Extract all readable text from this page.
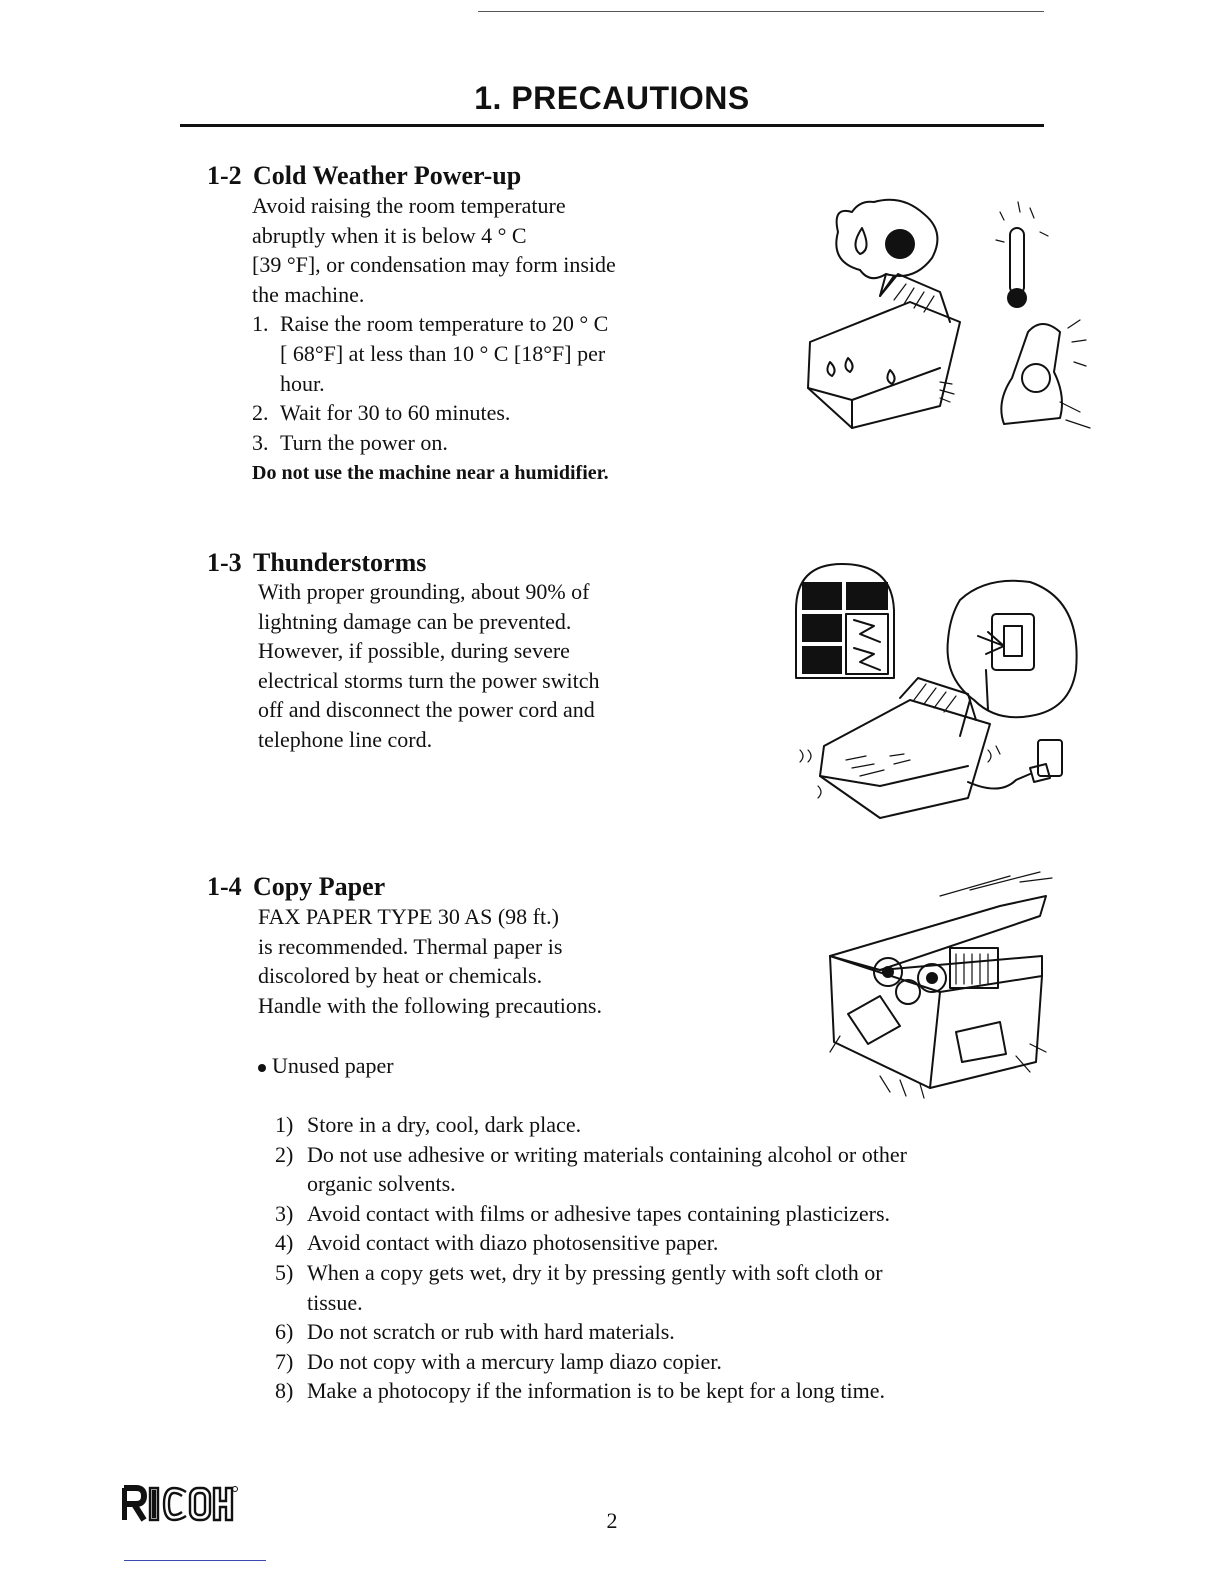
1. PRECAUTIONS
1-2 Cold Weather Power-up
Avoid raising the room temperature
abruptly when it is below 4 ° C
[39 °F], or condensation may form inside
the machine.
1. Raise the room temperature to 20 ° C
[ 68°F] at less than 10 ° C [18°F] per
hour.
2. Wait for 30 to 60 minutes.
3. Turn the power on.
Do not use the machine near a humidifier.
1-3 Thunderstorms
With proper grounding, about 90% of
lightning damage can be prevented.
However, if possible, during severe
electrical storms turn the power switch
off and disconnect the power cord and
telephone line cord.
1-4 Copy Paper
FAX PAPER TYPE 30 AS (98 ft.)
is recommended. Thermal paper is
discolored by heat or chemicals.
Handle with the following precautions.
Unused paper
1) Store in a dry, cool, dark place.
2) Do not use adhesive or writing materials containing alcohol or other
organic solvents.
3) Avoid contact with films or adhesive tapes containing plasticizers.
4) Avoid contact with diazo photosensitive paper.
5) When a copy gets wet, dry it by pressing gently with soft cloth or
tissue.
6) Do not scratch or rub with hard materials.
7) Do not copy with a mercury lamp diazo copier.
8) Make a photocopy if the information is to be kept for a long time.
2
